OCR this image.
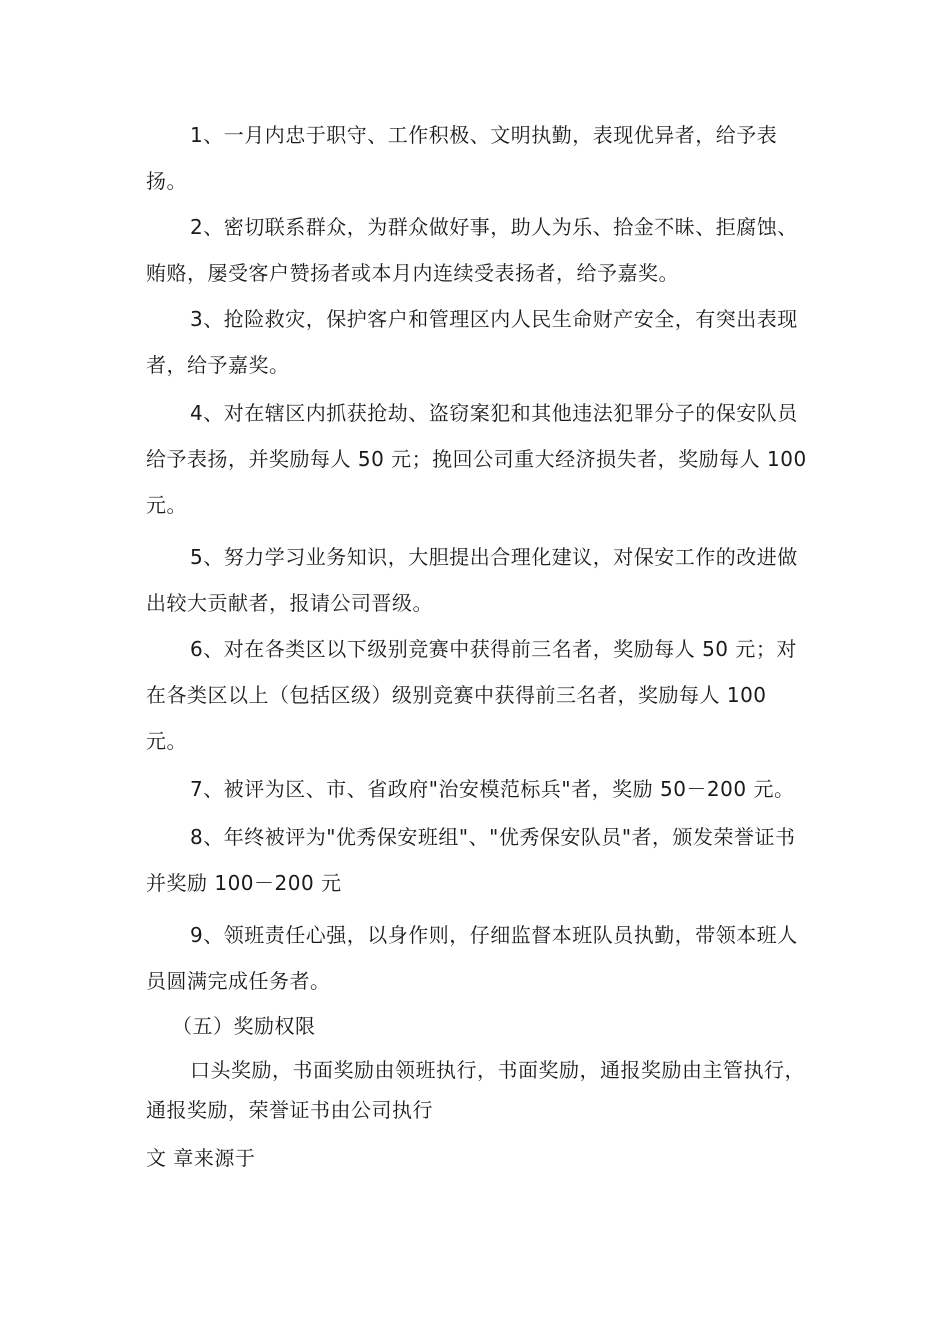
1、一月内忠于职守、工作积极、文明执勤，表现优异者，给予表扬。

2、密切联系群众，为群众做好事，助人为乐、拾金不昧、拒腐蚀、贿赂，屡受客户赞扬者或本月内连续受表扬者，给予嘉奖。

3、抢险救灾，保护客户和管理区内人民生命财产安全，有突出表现者，给予嘉奖。

4、对在辖区内抓获抢劫、盗窃案犯和其他违法犯罪分子的保安队员给予表扬，并奖励每人 50 元；挽回公司重大经济损失者，奖励每人 100 元。

5、努力学习业务知识，大胆提出合理化建议，对保安工作的改进做出较大贡献者，报请公司晋级。

6、对在各类区以下级别竞赛中获得前三名者，奖励每人 50 元；对在各类区以上（包括区级）级别竞赛中获得前三名者，奖励每人 100 元。

7、被评为区、市、省政府"治安模范标兵"者，奖励 50－200 元。

8、年终被评为"优秀保安班组"、"优秀保安队员"者，颁发荣誉证书并奖励 100－200 元

9、领班责任心强，以身作则，仔细监督本班队员执勤，带领本班人员圆满完成任务者。

（五）奖励权限

口头奖励，书面奖励由领班执行，书面奖励，通报奖励由主管执行，通报奖励，荣誉证书由公司执行

文 章来源于
